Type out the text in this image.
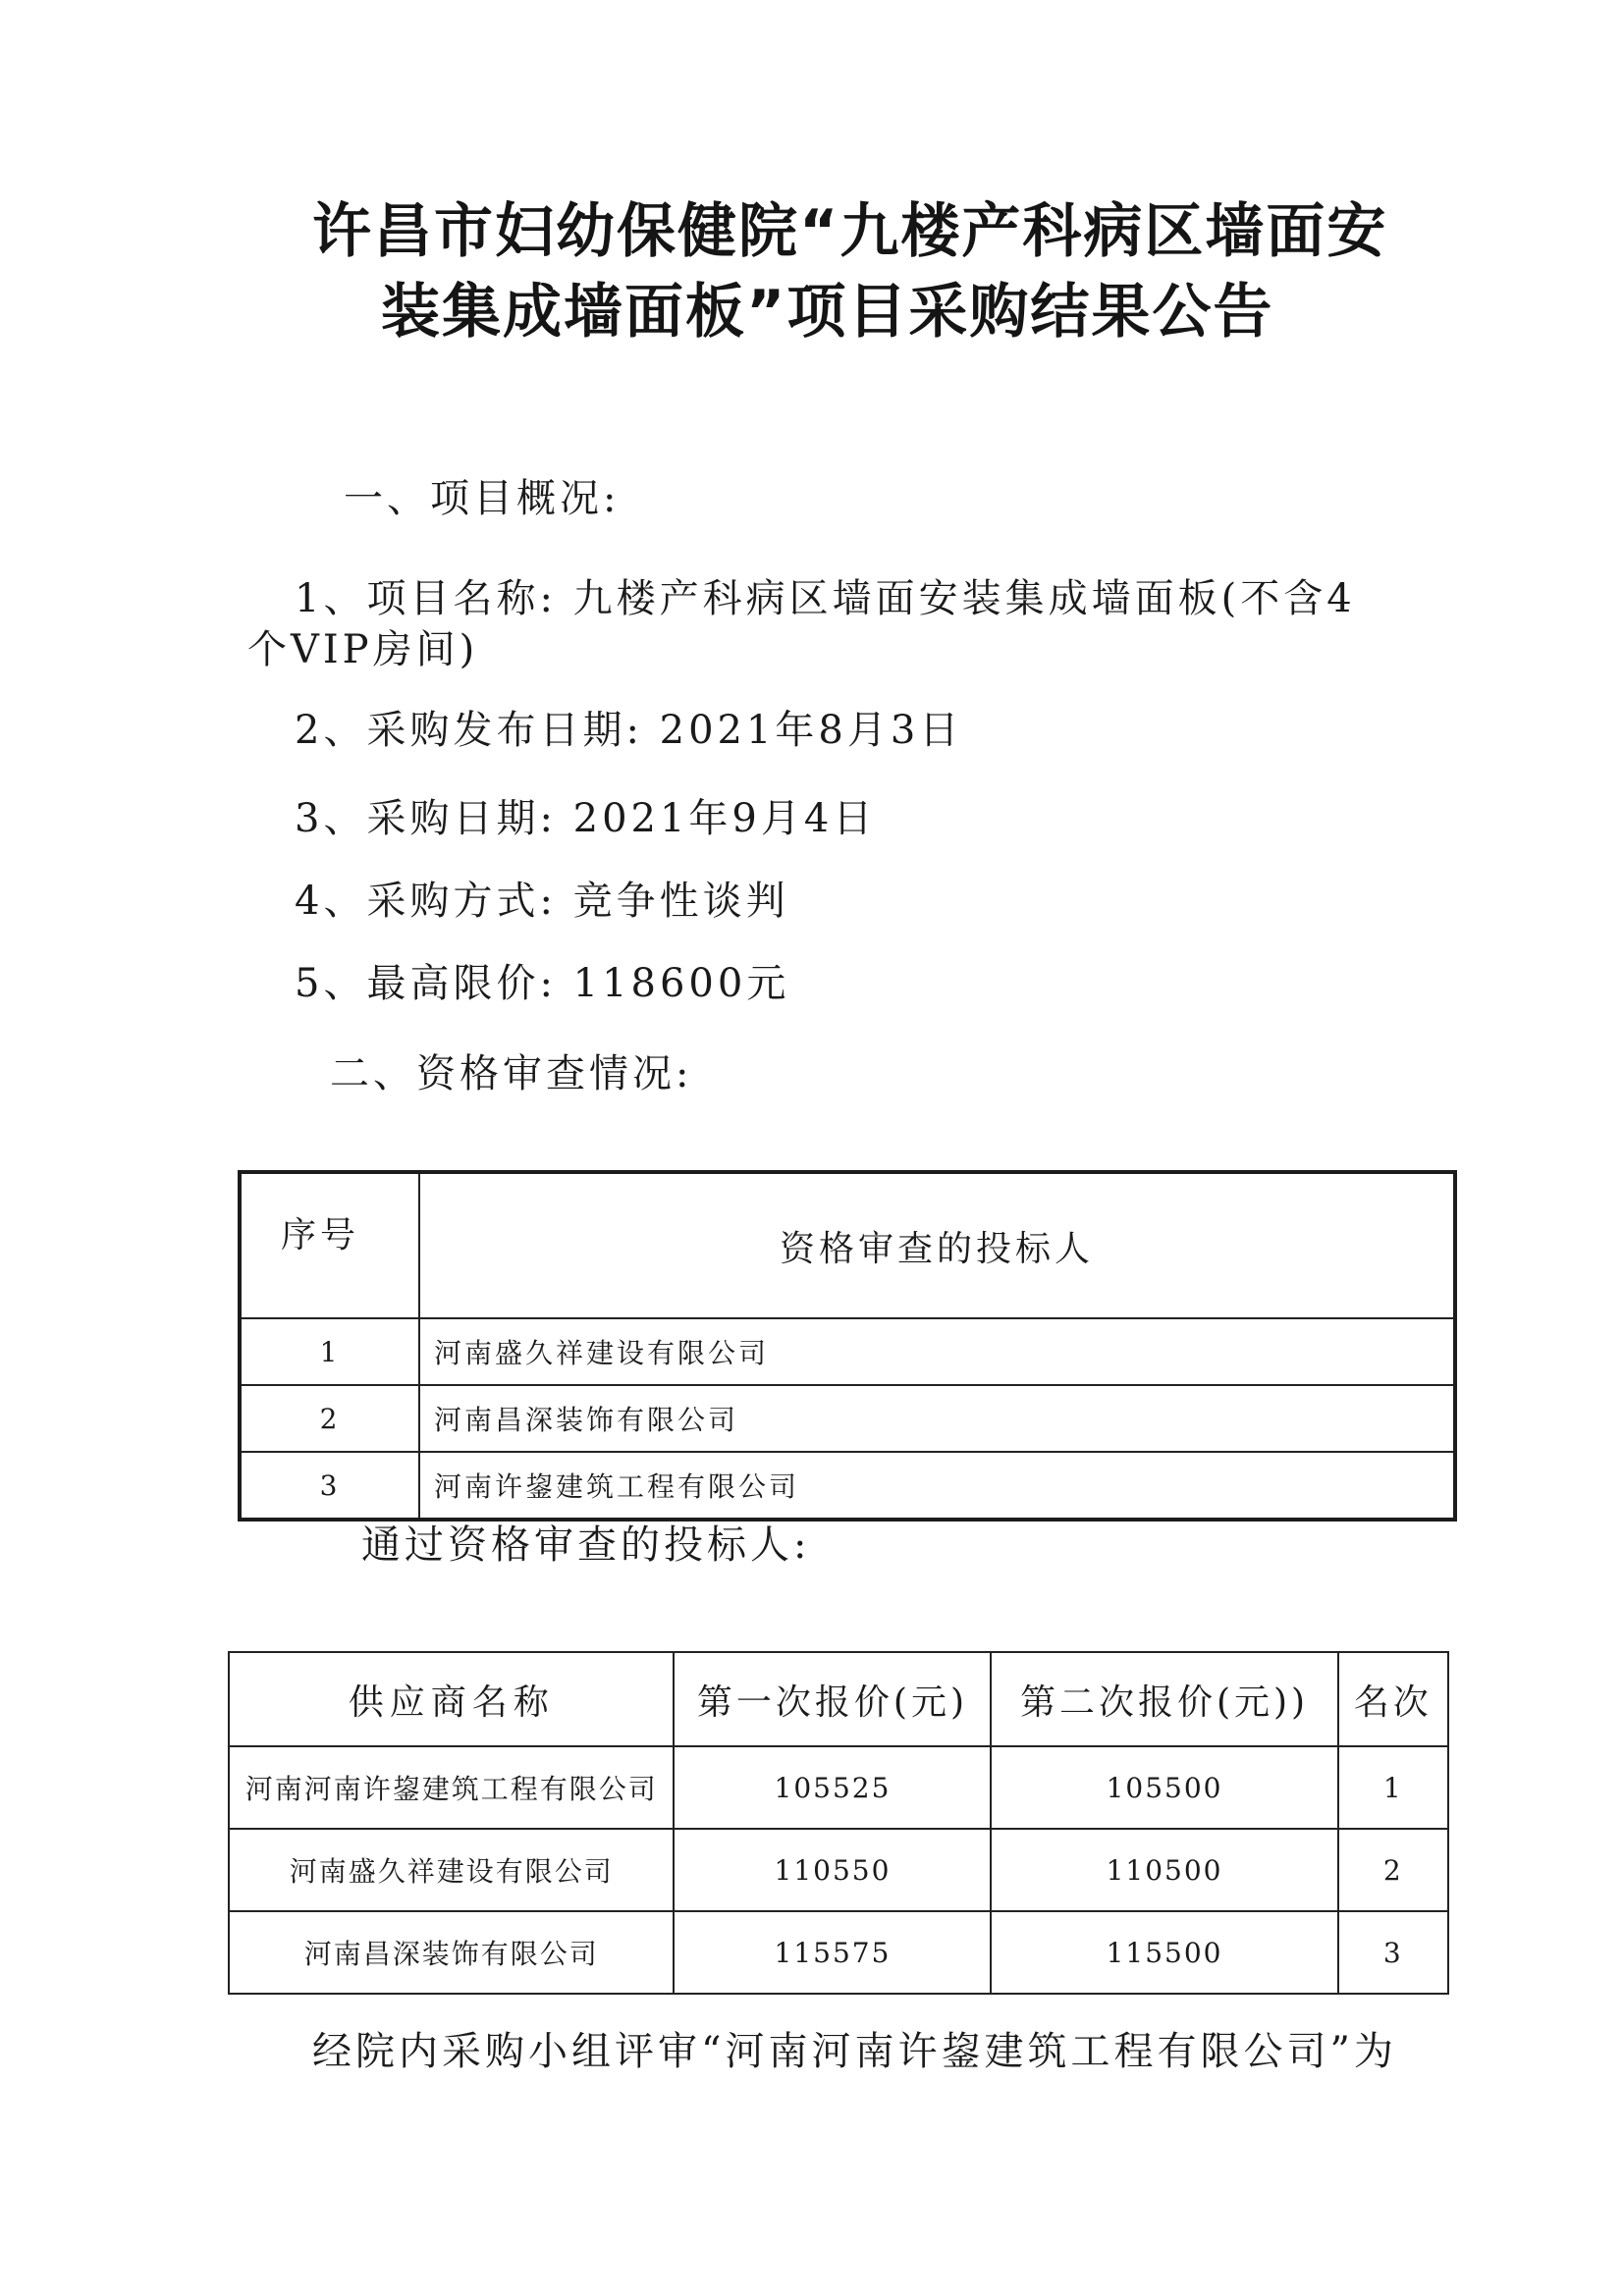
许昌市妇幼保健院“九楼产科病区墙面安
装集成墙面板”项目采购结果公告
一、项目概况:
1、项目名称: 九楼产科病区墙面安装集成墙面板(不含4
个VIP房间)
2、采购发布日期: 2021年8月3日
3、采购日期: 2021年9月4日
4、采购方式: 竞争性谈判
5、最高限价: 118600元
二、资格审查情况:
序号	资格审查的投标人
1	河南盛久祥建设有限公司
2	河南昌深装饰有限公司
3	河南许鋆建筑工程有限公司
通过资格审查的投标人:
供应商名称	第一次报价(元)	第二次报价(元))	名次
河南河南许鋆建筑工程有限公司	105525	105500	1
河南盛久祥建设有限公司	110550	110500	2
河南昌深装饰有限公司	115575	115500	3
经院内采购小组评审“河南河南许鋆建筑工程有限公司”为
